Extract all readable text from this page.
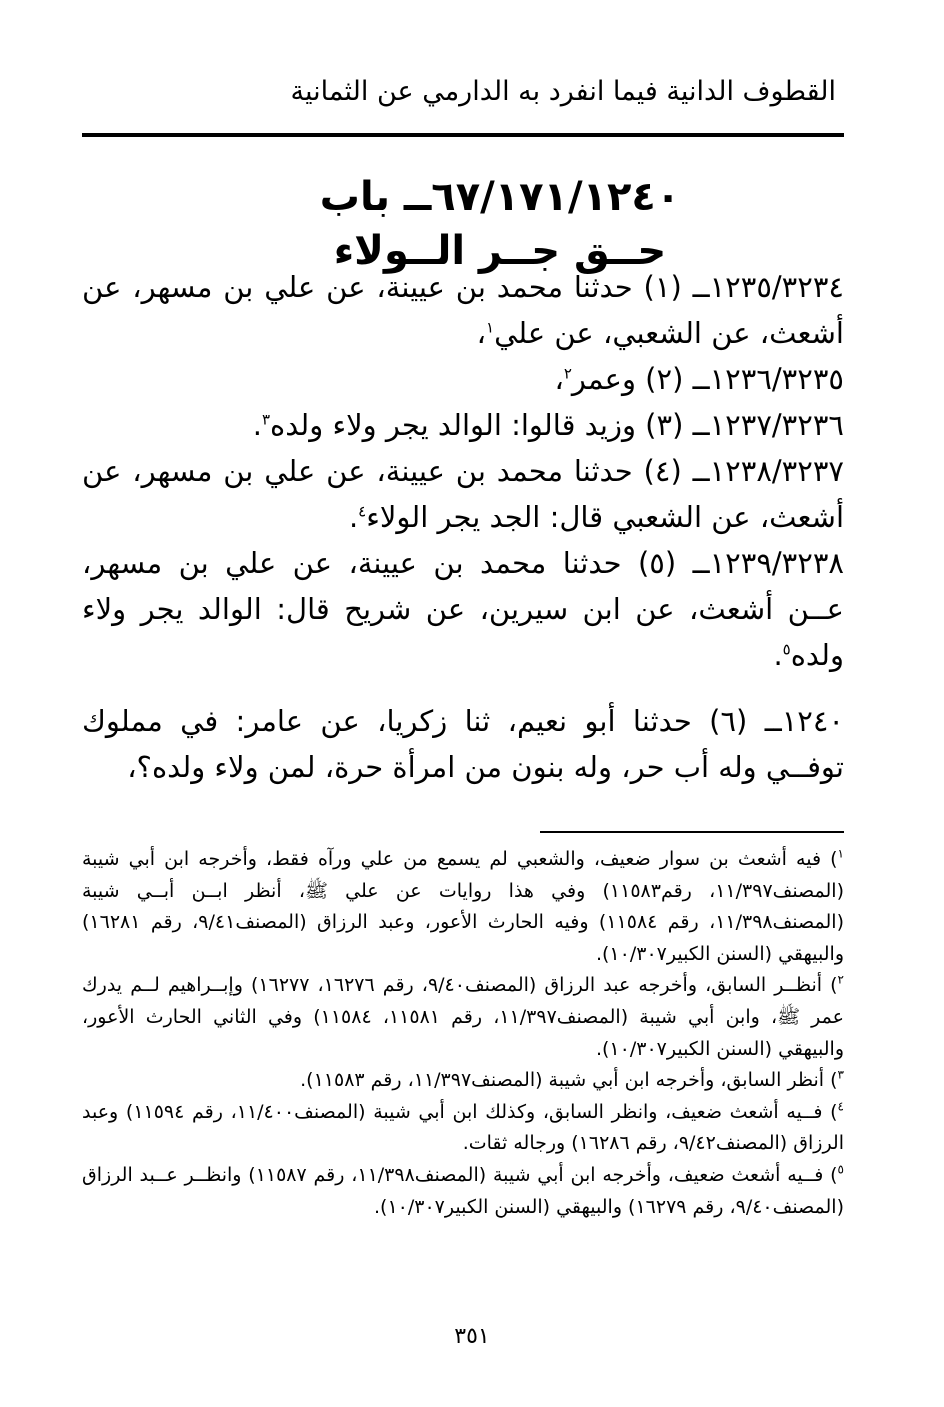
القطوف الدانية فيما انفرد به الدارمي عن الثمانية
٦٧/١٧١/١٢٤٠ــ باب
حــق جــر الــولاء

١٢٣٥/٣٢٣٤ــ (١) حدثنا محمد بن عيينة، عن علي بن مسهر، عن أشعث، عن الشعبي، عن علي$^١$،

١٢٣٦/٣٢٣٥ــ (٢) وعمر$^٢$،

١٢٣٧/٣٢٣٦ــ (٣) وزيد قالوا: الوالد يجر ولاء ولده$^٣$.

١٢٣٨/٣٢٣٧ــ (٤) حدثنا محمد بن عيينة، عن علي بن مسهر، عن أشعث، عن الشعبي قال: الجد يجر الولاء$^٤$.

١٢٣٩/٣٢٣٨ــ (٥) حدثنا محمد بن عيينة، عن علي بن مسهر، عــن أشعث، عن ابن سيرين، عن شريح قال: الوالد يجر ولاء ولده$^٥$.

١٢٤٠ــ (٦) حدثنا أبو نعيم، ثنا زكريا، عن عامر: في مملوك توفــي وله أب حر، وله بنون من امرأة حرة، لمن ولاء ولده؟،

$^١$) فيه أشعث بن سوار ضعيف، والشعبي لم يسمع من علي ورآه فقط، وأخرجه ابن أبي شيبة (المصنف١١/٣٩٧، رقم١١٥٨٣) وفي هذا روايات عن علي ﷺ، أنظر ابــن أبــي شيبة (المصنف١١/٣٩٨، رقم ١١٥٨٤) وفيه الحارث الأعور، وعبد الرزاق (المصنف٩/٤١، رقم ١٦٢٨١) والبيهقي (السنن الكبير١٠/٣٠٧).

$^٢$) أنظــر السابق، وأخرجه عبد الرزاق (المصنف٩/٤٠، رقم ١٦٢٧٦، ١٦٢٧٧) وإبــراهيم لــم يدرك عمر ﷺ، وابن أبي شيبة (المصنف١١/٣٩٧، رقم ١١٥٨١، ١١٥٨٤) وفي الثاني الحارث الأعور، والبيهقي (السنن الكبير١٠/٣٠٧).

$^٣$) أنظر السابق، وأخرجه ابن أبي شيبة (المصنف١١/٣٩٧، رقم ١١٥٨٣).

$^٤$) فــيه أشعث ضعيف، وانظر السابق، وكذلك ابن أبي شيبة (المصنف١١/٤٠٠، رقم ١١٥٩٤) وعبد الرزاق (المصنف٩/٤٢، رقم ١٦٢٨٦) ورجاله ثقات.

$^٥$) فــيه أشعث ضعيف، وأخرجه ابن أبي شيبة (المصنف١١/٣٩٨، رقم ١١٥٨٧) وانظــر عــبد الرزاق (المصنف٩/٤٠، رقم ١٦٢٧٩) والبيهقي (السنن الكبير١٠/٣٠٧).

٣٥١
